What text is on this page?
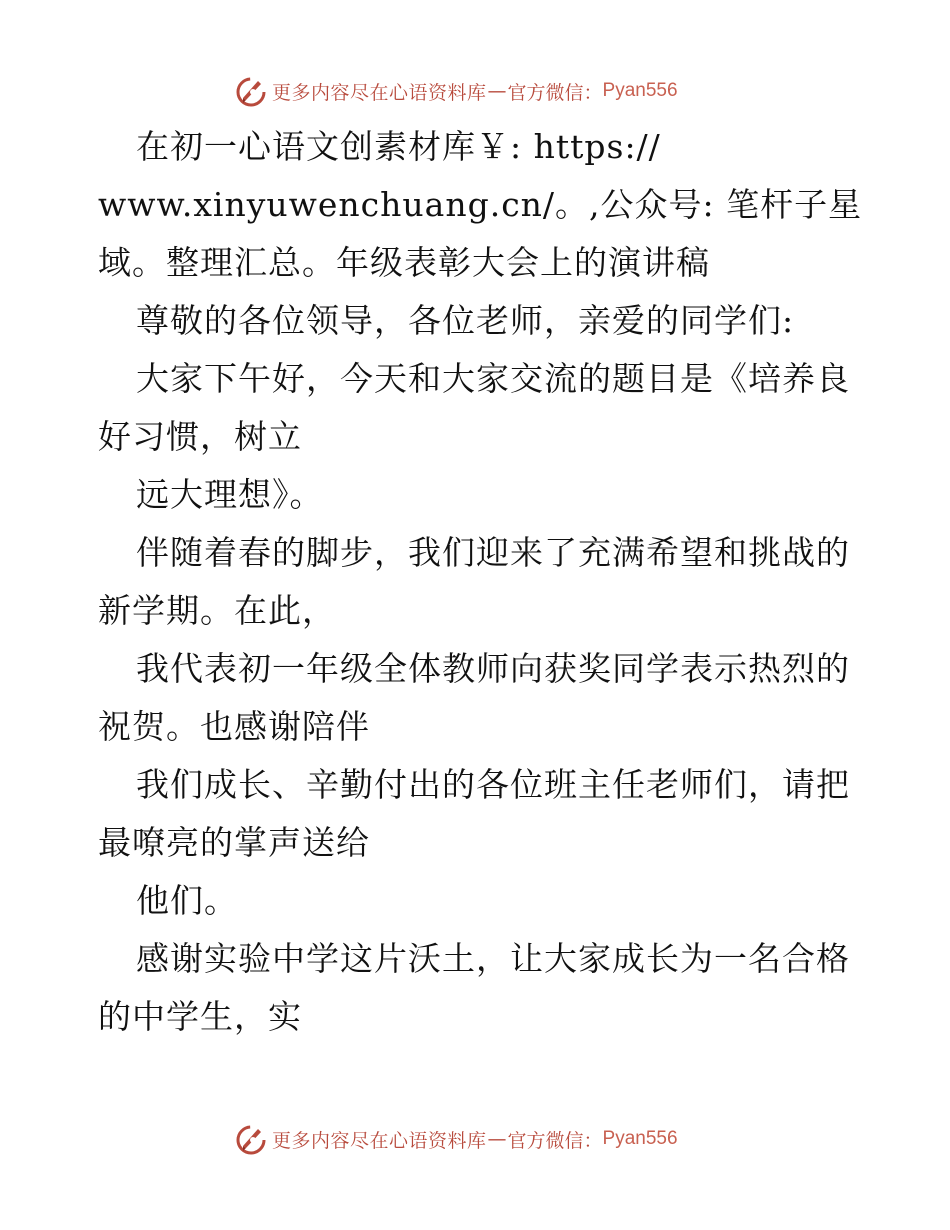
更多内容尽在心语资料库 — 官方微信： Pyan556
在初一心语文创素材库￥: https://
www.xinyuwenchuang.cn/。,公众号: 笔杆子星
域。整理汇总。年级表彰大会上的演讲稿
尊敬的各位领导，各位老师，亲爱的同学们:
大家下午好，今天和大家交流的题目是《培养良
好习惯，树立
远大理想》。
伴随着春的脚步，我们迎来了充满希望和挑战的
新学期。在此，
我代表初一年级全体教师向获奖同学表示热烈的
祝贺。也感谢陪伴
我们成长、辛勤付出的各位班主任老师们，请把
最嘹亮的掌声送给
他们。
感谢实验中学这片沃土，让大家成长为一名合格
的中学生，实
更多内容尽在心语资料库 — 官方微信： Pyan556
